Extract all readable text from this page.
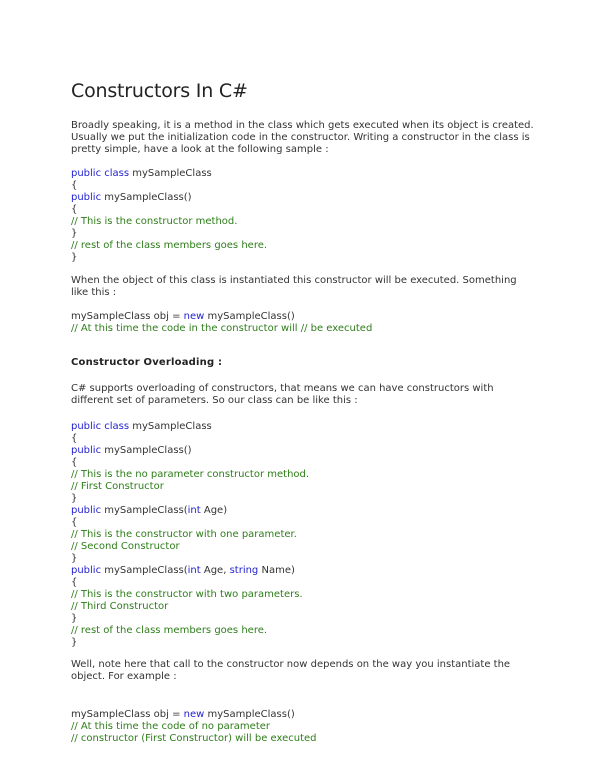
Constructors In C#
Broadly speaking, it is a method in the class which gets executed when its object is created.
Usually we put the initialization code in the constructor. Writing a constructor in the class is
pretty simple, have a look at the following sample :
public class mySampleClass
{
public mySampleClass()
{
// This is the constructor method.
}
// rest of the class members goes here.
}
When the object of this class is instantiated this constructor will be executed. Something
like this :
mySampleClass obj = new mySampleClass()
// At this time the code in the constructor will // be executed
Constructor Overloading :
C# supports overloading of constructors, that means we can have constructors with
different set of parameters. So our class can be like this :
public class mySampleClass
{
public mySampleClass()
{
// This is the no parameter constructor method.
// First Constructor
}
public mySampleClass(int Age)
{
// This is the constructor with one parameter.
// Second Constructor
}
public mySampleClass(int Age, string Name)
{
// This is the constructor with two parameters.
// Third Constructor
}
// rest of the class members goes here.
}
Well, note here that call to the constructor now depends on the way you instantiate the
object. For example :
mySampleClass obj = new mySampleClass()
// At this time the code of no parameter
// constructor (First Constructor) will be executed
